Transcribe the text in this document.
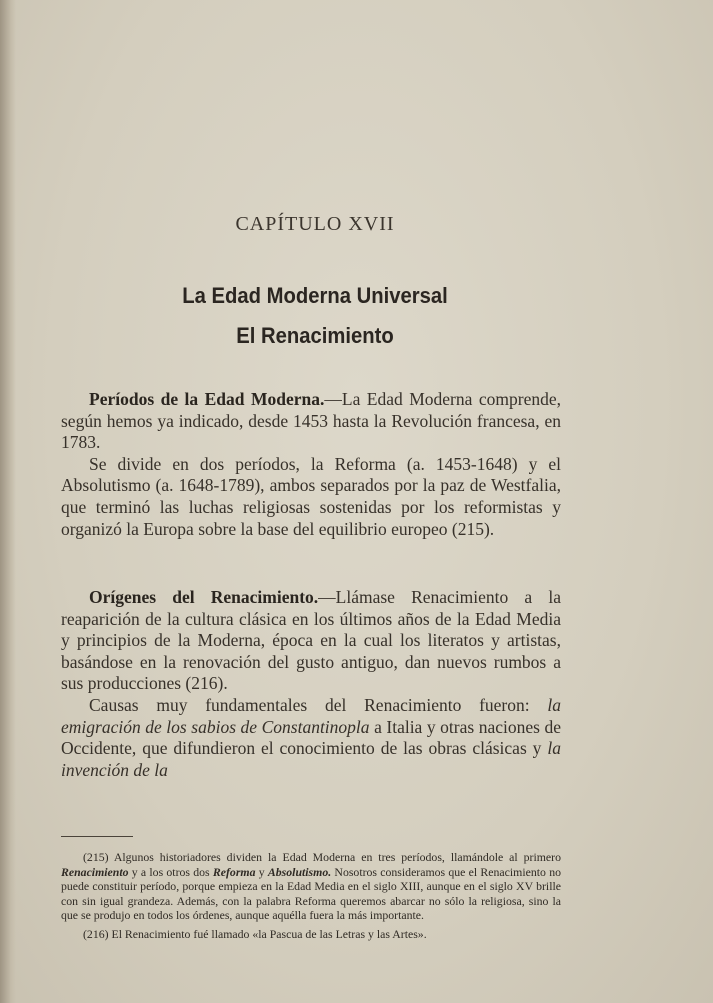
CAPÍTULO XVII
La Edad Moderna Universal
El Renacimiento

Períodos de la Edad Moderna.—La Edad Moderna comprende, según hemos ya indicado, desde 1453 hasta la Revolución francesa, en 1783.

Se divide en dos períodos, la Reforma (a. 1453-1648) y el Absolutismo (a. 1648-1789), ambos separados por la paz de Westfalia, que terminó las luchas religiosas sostenidas por los reformistas y organizó la Europa sobre la base del equilibrio europeo (215).

Orígenes del Renacimiento.—Llámase Renacimiento a la reaparición de la cultura clásica en los últimos años de la Edad Media y principios de la Moderna, época en la cual los literatos y artistas, basándose en la renovación del gusto antiguo, dan nuevos rumbos a sus producciones (216).

Causas muy fundamentales del Renacimiento fueron: la emigración de los sabios de Constantinopla a Italia y otras naciones de Occidente, que difundieron el conocimiento de las obras clásicas y la invención de la

(215) Algunos historiadores dividen la Edad Moderna en tres períodos, llamándole al primero Renacimiento y a los otros dos Reforma y Absolutismo. Nosotros consideramos que el Renacimiento no puede constituir período, porque empieza en la Edad Media en el siglo XIII, aunque en el siglo XV brille con sin igual grandeza. Además, con la palabra Reforma queremos abarcar no sólo la religiosa, sino la que se produjo en todos los órdenes, aunque aquélla fuera la más importante.

(216) El Renacimiento fué llamado «la Pascua de las Letras y las Artes».
